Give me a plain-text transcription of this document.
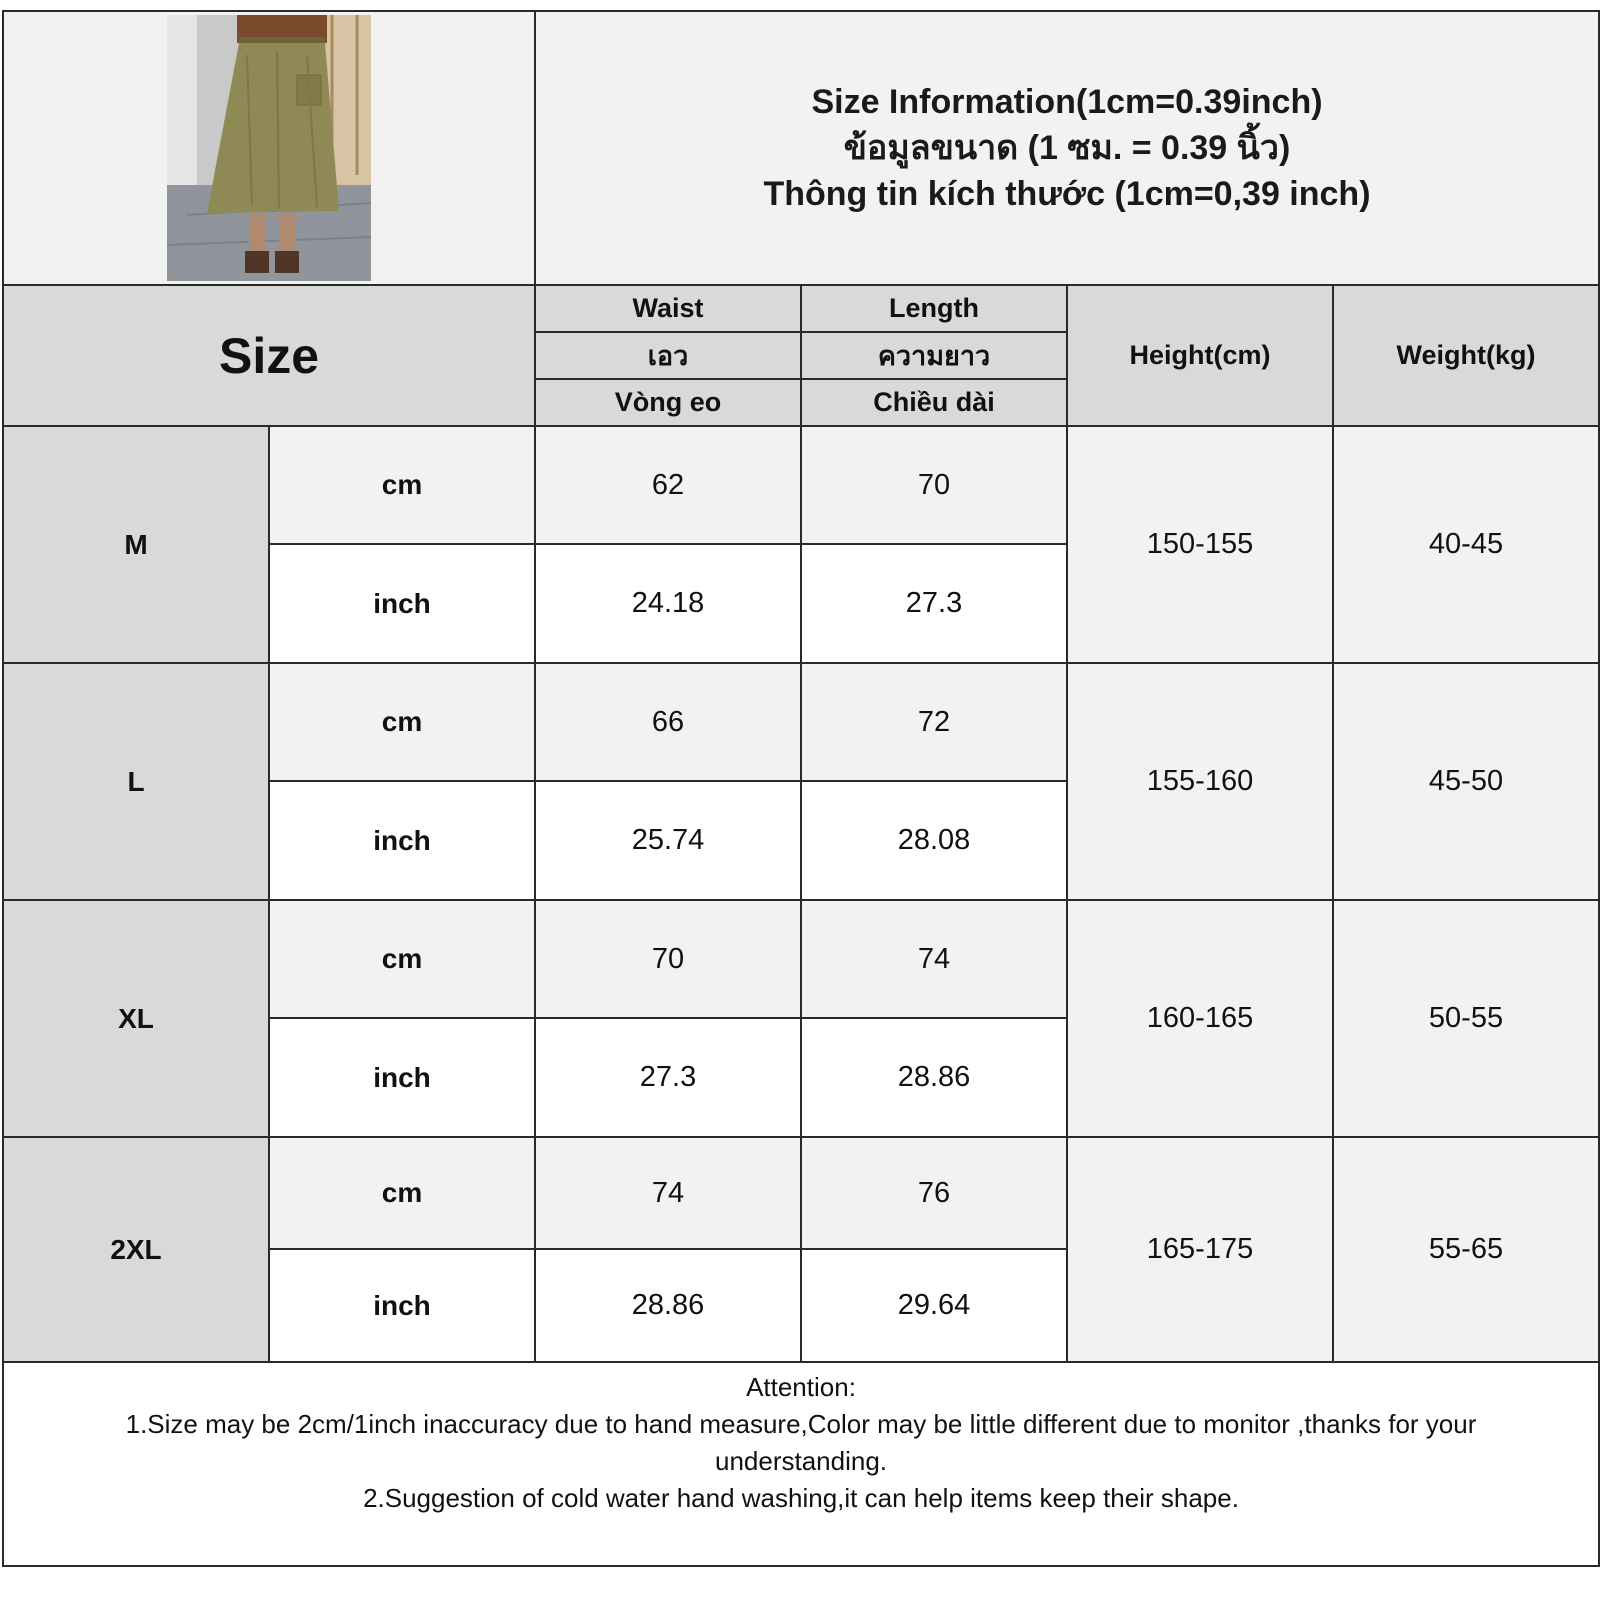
Size Information(1cm=0.39inch)
ข้อมูลขนาด (1 ซม. = 0.39 นิ้ว)
Thông tin kích thước (1cm=0,39 inch)			

Size		Waist	Length	Height(cm)	Weight(kg)
		เอว	ความยาว		
		Vòng eo	Chiều dài		
M	cm	62	70	150-155	40-45
	inch	24.18	27.3		
L	cm	66	72	155-160	45-50
	inch	25.74	28.08		
XL	cm	70	74	160-165	50-55
	inch	27.3	28.86		
2XL	cm	74	76	165-175	55-65
	inch	28.86	29.64		

Attention:
1.Size may be 2cm/1inch inaccuracy due to hand measure,Color may be little different due to monitor ,thanks for your understanding.
2.Suggestion of cold water hand washing,it can help items keep their shape.					
